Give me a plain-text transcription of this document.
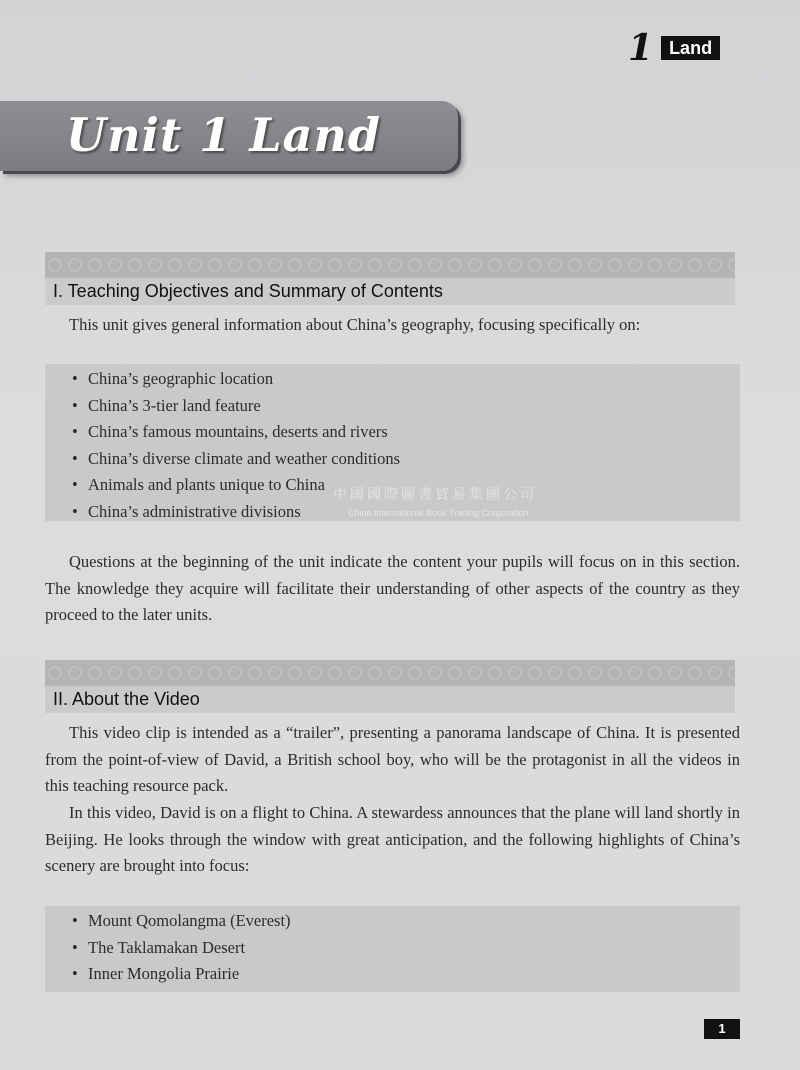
1 Land
Unit 1 Land
I. Teaching Objectives and Summary of Contents

This unit gives general information about China’s geography, focusing specifically on:

• China’s geographic location
• China’s 3-tier land feature
• China’s famous mountains, deserts and rivers
• China’s diverse climate and weather conditions
• Animals and plants unique to China
• China’s administrative divisions
中國國際圖書貿易集團公司
China International Book Trading Corporation

Questions at the beginning of the unit indicate the content your pupils will focus on in this section. The knowledge they acquire will facilitate their understanding of other aspects of the country as they proceed to the later units.

II. About the Video

This video clip is intended as a “trailer”, presenting a panorama landscape of China. It is presented from the point-of-view of David, a British school boy, who will be the protagonist in all the videos in this teaching resource pack.

In this video, David is on a flight to China. A stewardess announces that the plane will land shortly in Beijing. He looks through the window with great anticipation, and the following highlights of China’s scenery are brought into focus:

• Mount Qomolangma (Everest)
• The Taklamakan Desert
• Inner Mongolia Prairie
1
